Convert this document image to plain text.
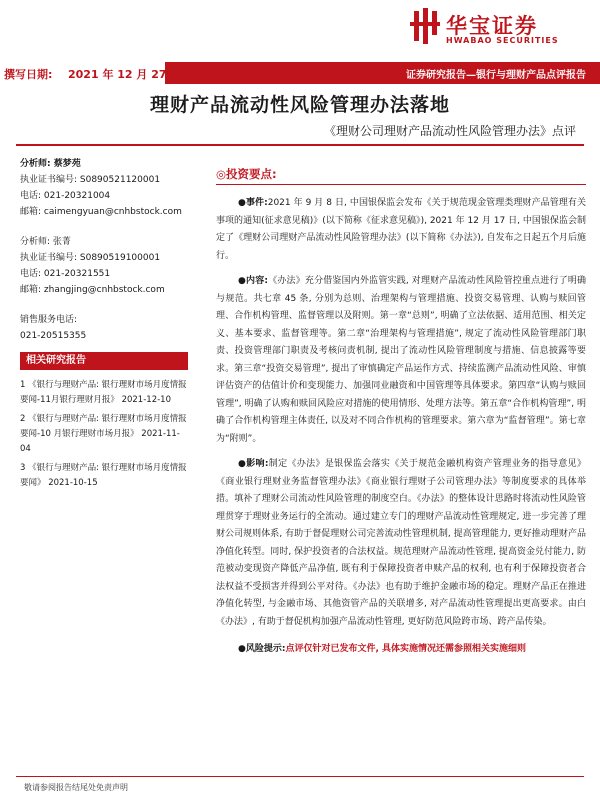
华宝证券
HWABAO SECURITIES
撰写日期: 2021 年 12 月 27 日	证券研究报告—银行与理财产品点评报告
理财产品流动性风险管理办法落地
《理财公司理财产品流动性风险管理办法》点评
分析师: 蔡梦苑
执业证书编号: S0890521120001
电话: 021-20321004
邮箱: caimengyuan@cnhbstock.com
分析师: 张菁
执业证书编号: S0890519100001
电话: 021-20321551
邮箱: zhangjing@cnhbstock.com
销售服务电话:
021-20515355
相关研究报告
1 《银行与理财产品: 银行理财市场月度情报要闻-11月银行理财月报》 2021-12-10
2 《银行与理财产品: 银行理财市场月度情报要闻-10 月银行理财市场月报》 2021-11-04
3 《银行与理财产品: 银行理财市场月度情报要闻》 2021-10-15
◎投资要点:
●事件:2021 年 9 月 8 日, 中国银保监会发布《关于规范现金管理类理财产品管理有关事项的通知(征求意见稿)》(以下简称《征求意见稿》), 2021 年 12 月 17 日, 中国银保监会制定了《理财公司理财产品流动性风险管理办法》(以下简称《办法》), 自发布之日起五个月后施行。
●内容:《办法》充分借鉴国内外监管实践, 对理财产品流动性风险管控重点进行了明确与规范。共七章 45 条, 分别为总则、治理架构与管理措施、投资交易管理、认购与赎回管理、合作机构管理、监督管理以及附则。第一章“总则”, 明确了立法依据、适用范围、相关定义、基本要求、监督管理等。第二章“治理架构与管理措施”, 规定了流动性风险管理部门职责、投资管理部门职责及考核问责机制, 提出了流动性风险管理制度与措施、信息披露等要求。第三章“投资交易管理”, 提出了审慎确定产品运作方式、持续监测产品流动性风险、审慎评估资产的估值计价和变现能力、加强同业融资和中国管理等具体要求。第四章“认购与赎回管理”, 明确了认购和赎回风险应对措施的使用情形、处理方法等。第五章“合作机构管理”, 明确了合作机构管理主体责任, 以及对不同合作机构的管理要求。第六章为“监督管理”。第七章为“附则”。
●影响:制定《办法》是银保监会落实《关于规范金融机构资产管理业务的指导意见》《商业银行理财业务监督管理办法》《商业银行理财子公司管理办法》等制度要求的具体举措。填补了理财公司流动性风险管理的制度空白。《办法》的整体设计思路时将流动性风险管理贯穿于理财业务运行的全流动。通过建立专门的理财产品流动性管理规定, 进一步完善了理财公司规则体系, 有助于督促理财公司完善流动性管理机制, 提高管理能力, 更好推动理财产品净值化转型。同时, 保护投资者的合法权益。规范理财产品流动性管理, 提高资金兑付能力, 防范被动变现资产降低产品净值, 既有利于保障投资者申赎产品的权利, 也有利于保障投资者合法权益不受损害并得到公平对待。《办法》也有助于维护金融市场的稳定。理财产品正在推进净值化转型, 与金融市场、其他资管产品的关联增多, 对产品流动性管理提出更高要求。由白《办法》, 有助于督促机构加强产品流动性管理, 更好防范风险跨市场、跨产品传染。
●风险提示:点评仅针对已发布文件, 具体实施情况还需参照相关实施细则
敬请参阅报告结尾处免责声明
